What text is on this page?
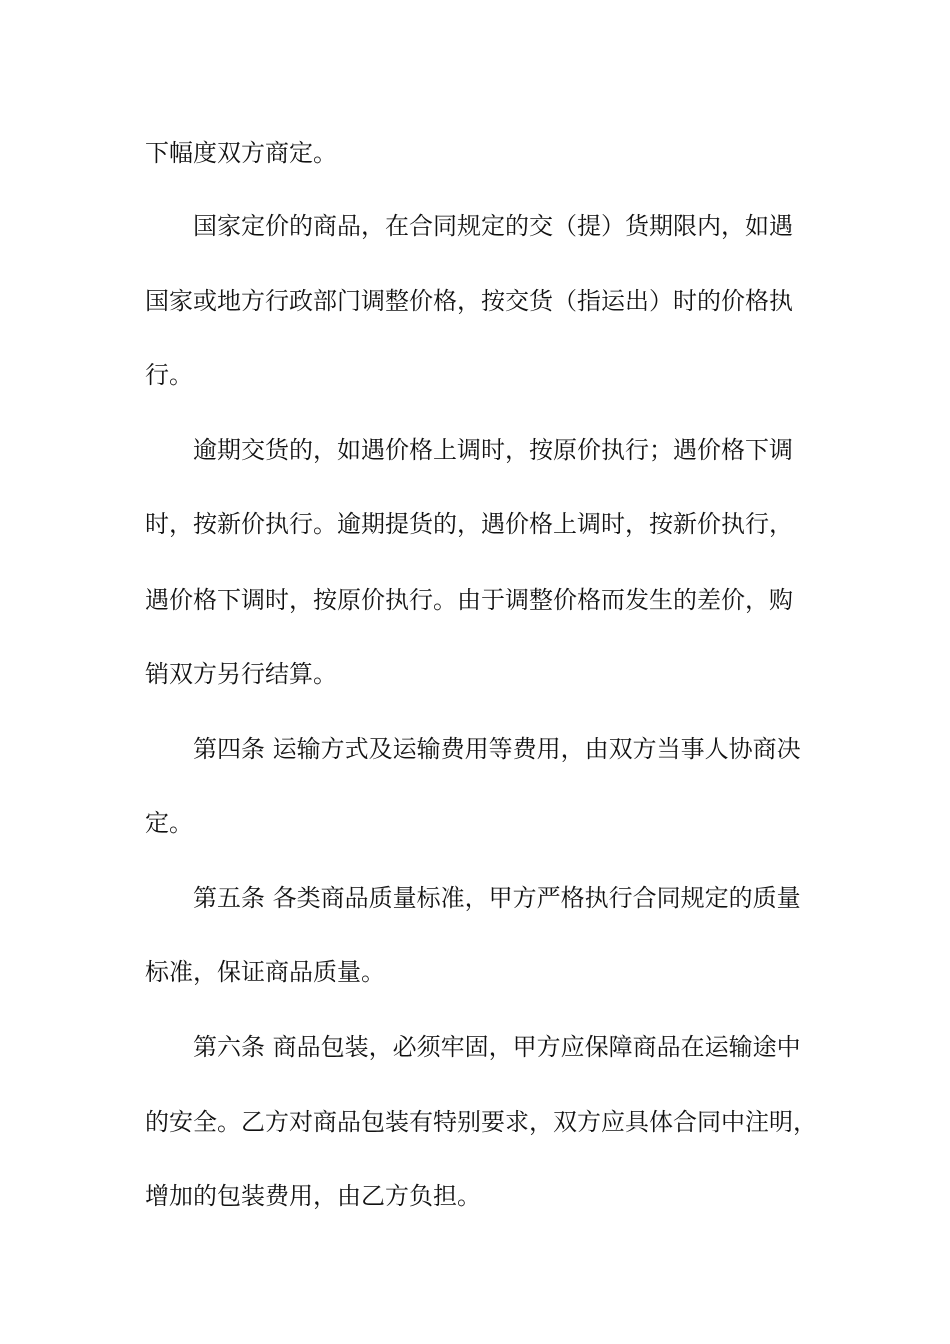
下幅度双方商定。
国家定价的商品，在合同规定的交（提）货期限内，如遇
国家或地方行政部门调整价格，按交货（指运出）时的价格执
行。
逾期交货的，如遇价格上调时，按原价执行；遇价格下调
时，按新价执行。逾期提货的，遇价格上调时，按新价执行，
遇价格下调时，按原价执行。由于调整价格而发生的差价，购
销双方另行结算。
第四条 运输方式及运输费用等费用，由双方当事人协商决
定。
第五条 各类商品质量标准，甲方严格执行合同规定的质量
标准，保证商品质量。
第六条 商品包装，必须牢固，甲方应保障商品在运输途中
的安全。乙方对商品包装有特别要求，双方应具体合同中注明，
增加的包装费用，由乙方负担。
